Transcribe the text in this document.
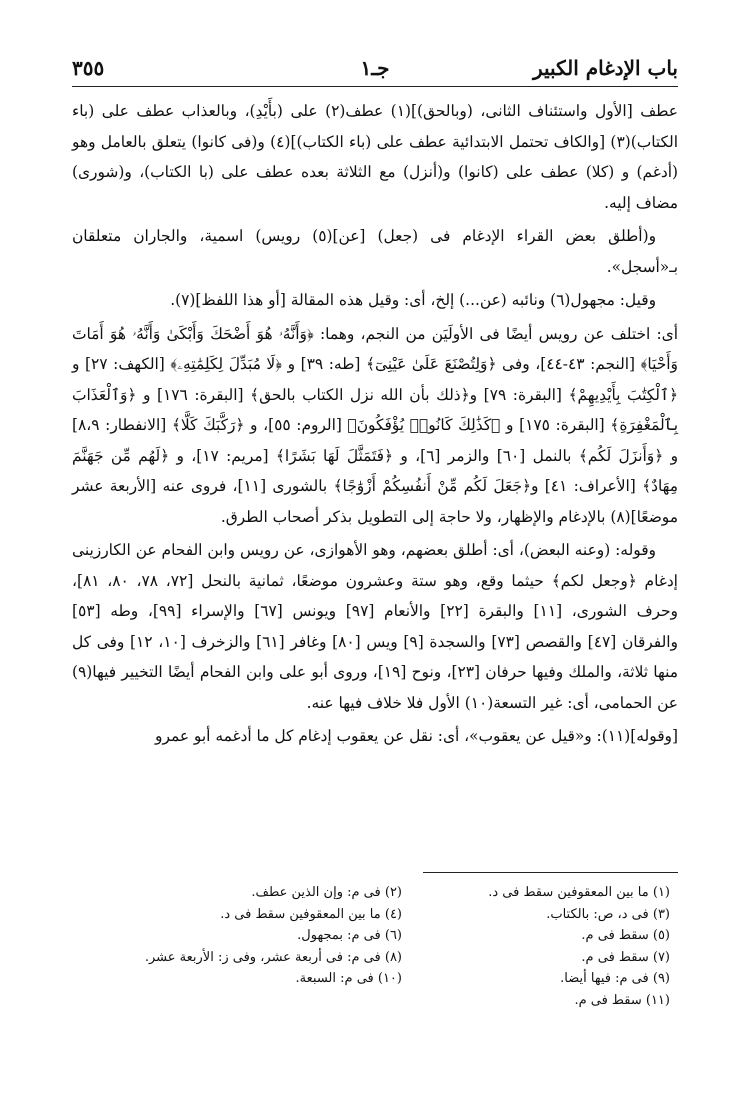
باب الإدغام الكبير
جـ١
٣٥٥

عطف [الأول واستئناف الثانى، (وبالحق)](١) عطف(٢) على (بأَيْدِ)، وبالعذاب عطف على (باء الكتاب)(٣) [والكاف تحتمل الابتدائية عطف على (باء الكتاب)](٤) و(فى كانوا) يتعلق بالعامل وهو (أدغم) و (كلا) عطف على (كانوا) و(أنزل) مع الثلاثة بعده عطف على (با الكتاب)، و(شورى) مضاف إليه.

و(أطلق بعض القراء الإدغام فى (جعل) [عن](٥) رويس) اسمية، والجاران متعلقان بـ«أسجل».

وقيل: مجهول(٦) ونائبه (عن...) إلخ، أى: وقيل هذه المقالة [أو هذا اللفظ](٧).

أى: اختلف عن رويس أيضًا فى الأولَيَن من النجم، وهما: ﴿وَأَنَّهُۥ هُوَ أَضْحَكَ وَأَبْكَىٰ وَأَنَّهُۥ هُوَ أَمَاتَ وَأَحْيَا﴾ [النجم: ٤٣-٤٤]، وفى ﴿وَلِتُصْنَعَ عَلَىٰ عَيْنِىٓ﴾ [طه: ٣٩] و ﴿لَا مُبَدِّلَ لِكَلِمَٰتِهِۦ﴾ [الكهف: ٢٧] و ﴿ٱلْكِتَٰبَ بِأَيْدِيهِمْ﴾ [البقرة: ٧٩] و﴿ذلك بأن الله نزل الكتاب بالحق﴾ [البقرة: ١٧٦] و ﴿وَٱلْعَذَابَ بِٱلْمَغْفِرَةِ﴾ [البقرة: ١٧٥] و ﴿كَذَٰلِكَ كَانُوا۟ يُؤْفَكُونَ﴾ [الروم: ٥٥]، و ﴿رَكَّبَكَ كَلَّا﴾ [الانفطار: ٨،٩] و ﴿وَأَنزَلَ لَكُم﴾ بالنمل [٦٠] والزمر [٦]، و ﴿فَتَمَثَّلَ لَهَا بَشَرًا﴾ [مريم: ١٧]، و ﴿لَهُم مِّن جَهَنَّمَ مِهَادٌ﴾ [الأعراف: ٤١] و﴿جَعَلَ لَكُم مِّنْ أَنفُسِكُمْ أَزْوَٰجًا﴾ بالشورى [١١]، فروى عنه [الأربعة عشر موضعًا](٨) بالإدغام والإظهار، ولا حاجة إلى التطويل بذكر أصحاب الطرق.

وقوله: (وعنه البعض)، أى: أطلق بعضهم، وهو الأهوازى، عن رويس وابن الفحام عن الكارزينى إدغام ﴿وجعل لكم﴾ حيثما وقع، وهو ستة وعشرون موضعًا، ثمانية بالنحل [٧٢، ٧٨، ٨٠، ٨١]، وحرف الشورى، [١١] والبقرة [٢٢] والأنعام [٩٧] ويونس [٦٧] والإسراء [٩٩]، وطه [٥٣] والفرقان [٤٧] والقصص [٧٣] والسجدة [٩] ويس [٨٠] وغافر [٦١] والزخرف [١٠، ١٢] وفى كل منها ثلاثة، والملك وفيها حرفان [٢٣]، ونوح [١٩]، وروى أبو على وابن الفحام أيضًا التخيير فيها(٩) عن الحمامى، أى: غير التسعة(١٠) الأول فلا خلاف فيها عنه.

[وقوله](١١): و«قيل عن يعقوب»، أى: نقل عن يعقوب إدغام كل ما أدغمه أبو عمرو

(١) ما بين المعقوفين سقط فى د.
(٣) فى د، ص: بالكتاب.
(٥) سقط فى م.
(٧) سقط فى م.
(٩) فى م: فيها أيضا.
(١١) سقط فى م.
(٢) فى م: وإن الذين عطف.
(٤) ما بين المعقوفين سقط فى د.
(٦) فى م: بمجهول.
(٨) فى م: فى أربعة عشر، وفى ز: الأربعة عشر.
(١٠) فى م: السبعة.
